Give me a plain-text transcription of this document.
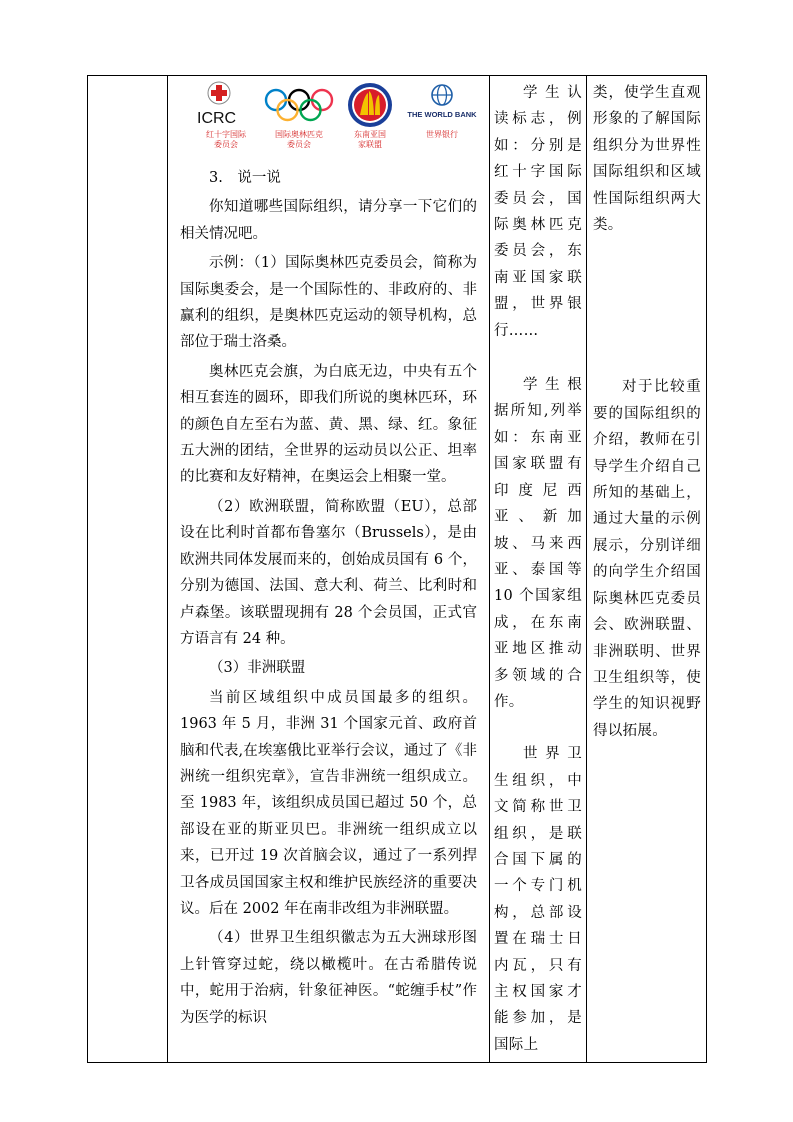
ICRC
红十字国际
委员会
国际奥林匹克
委员会
东南亚国
家联盟
THE WORLD BANK
世界银行

3.　说一说

你知道哪些国际组织，请分享一下它们的相关情况吧。

示例：（1）国际奥林匹克委员会，简称为国际奥委会，是一个国际性的、非政府的、非赢利的组织，是奥林匹克运动的领导机构，总部位于瑞士洛桑。

奥林匹克会旗，为白底无边，中央有五个相互套连的圆环，即我们所说的奥林匹环，环的颜色自左至右为蓝、黄、黑、绿、红。象征五大洲的团结，全世界的运动员以公正、坦率的比赛和友好精神，在奥运会上相聚一堂。

（2）欧洲联盟，简称欧盟（EU），总部设在比利时首都布鲁塞尔（Brussels），是由欧洲共同体发展而来的，创始成员国有 6 个，分别为德国、法国、意大利、荷兰、比利时和卢森堡。该联盟现拥有 28 个会员国，正式官方语言有 24 种。

（3）非洲联盟

当前区域组织中成员国最多的组织。1963 年 5 月，非洲 31 个国家元首、政府首脑和代表,在埃塞俄比亚举行会议，通过了《非洲统一组织宪章》，宣告非洲统一组织成立。至 1983 年，该组织成员国已超过 50 个，总部设在亚的斯亚贝巴。非洲统一组织成立以来，已开过 19 次首脑会议，通过了一系列捍卫各成员国国家主权和维护民族经济的重要决议。后在 2002 年在南非改组为非洲联盟。

（4）世界卫生组织徽志为五大洲球形图上针管穿过蛇，绕以橄榄叶。在古希腊传说中，蛇用于治病，针象征神医。“蛇缠手杖”作为医学的标识

学生认读标志，例如：分别是红十字国际委员会，国际奥林匹克委员会，东南亚国家联盟，世界银行……

学生根据所知,列举如：东南亚国家联盟有印度尼西亚、新加坡、马来西亚、泰国等 10 个国家组成，在东南亚地区推动多领域的合作。

世界卫生组织，中文简称世卫组织，是联合国下属的一个专门机构，总部设置在瑞士日内瓦，只有主权国家才能参加，是国际上

类，使学生直观形象的了解国际组织分为世界性国际组织和区域性国际组织两大类。

对于比较重要的国际组织的介绍，教师在引导学生介绍自己所知的基础上，通过大量的示例展示，分别详细的向学生介绍国际奥林匹克委员会、欧洲联盟、非洲联明、世界卫生组织等，使学生的知识视野得以拓展。
